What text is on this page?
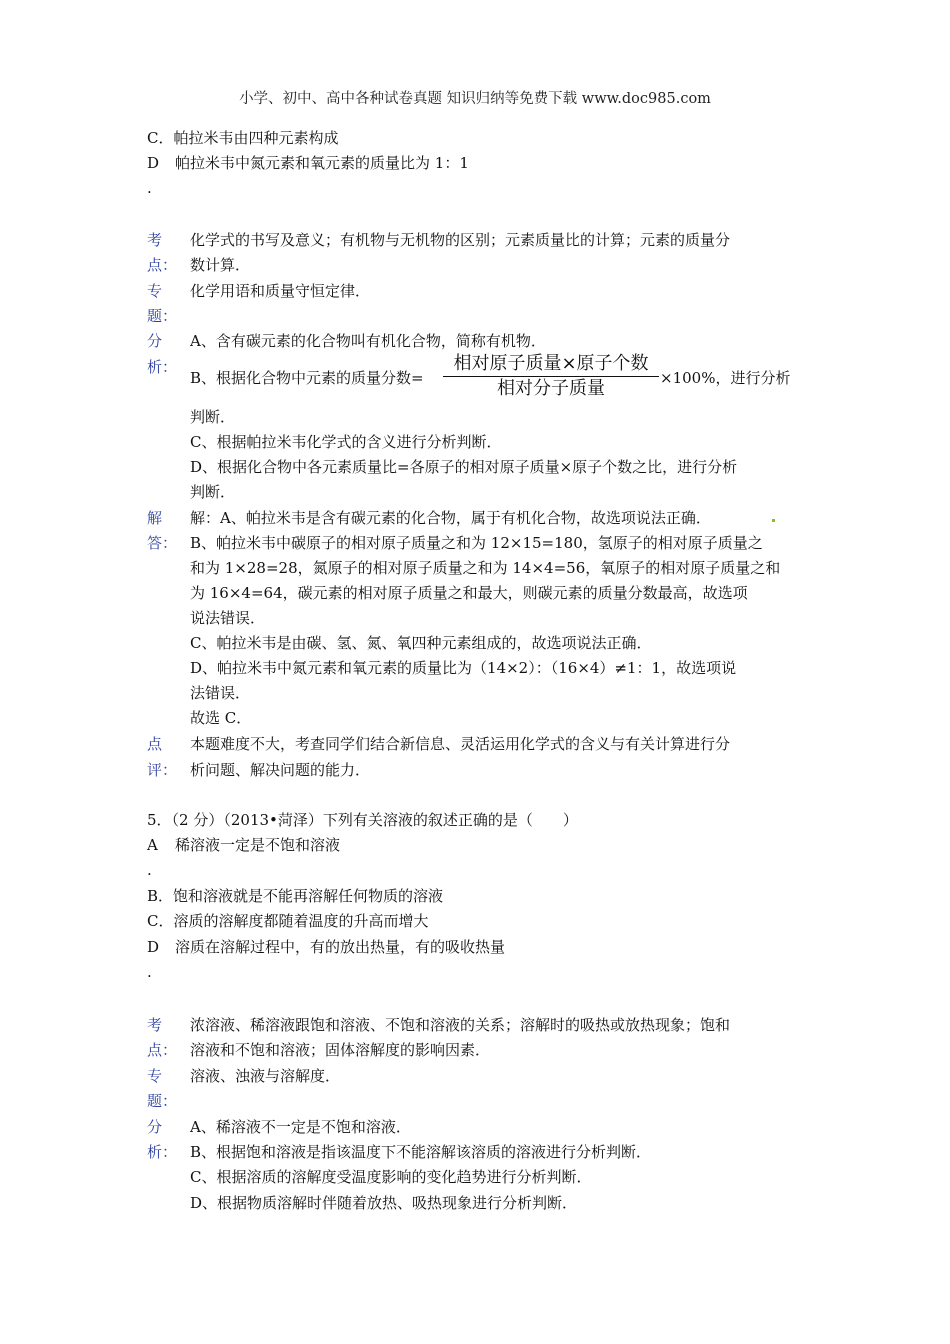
小学、初中、高中各种试卷真题 知识归纳等免费下载 www.doc985.com
C．帕拉米韦由四种元素构成
D 帕拉米韦中氮元素和氧元素的质量比为 1：1
.
考
点：
化学式的书写及意义；有机物与无机物的区别；元素质量比的计算；元素的质量分
数计算．
专
题：
化学用语和质量守恒定律．
分
析：
A、含有碳元素的化合物叫有机化合物，简称有机物．
B、根据化合物中元素的质量分数=
相对原子质量×原子个数
相对分子质量	×100%，进行分析
判断．
C、根据帕拉米韦化学式的含义进行分析判断．
D、根据化合物中各元素质量比=各原子的相对原子质量×原子个数之比，进行分析
判断．
解
答：
解：A、帕拉米韦是含有碳元素的化合物，属于有机化合物，故选项说法正确．
B、帕拉米韦中碳原子的相对原子质量之和为 12×15=180，氢原子的相对原子质量之
和为 1×28=28，氮原子的相对原子质量之和为 14×4=56，氧原子的相对原子质量之和
为 16×4=64，碳元素的相对原子质量之和最大，则碳元素的质量分数最高，故选项
说法错误．
C、帕拉米韦是由碳、氢、氮、氧四种元素组成的，故选项说法正确．
D、帕拉米韦中氮元素和氧元素的质量比为（14×2）：（16×4）≠1：1，故选项说
法错误．
故选 C．
点
评：
本题难度不大，考查同学们结合新信息、灵活运用化学式的含义与有关计算进行分
析问题、解决问题的能力．
5．（2 分）（2013•菏泽）下列有关溶液的叙述正确的是（　　）
A 稀溶液一定是不饱和溶液
.
B．饱和溶液就是不能再溶解任何物质的溶液
C．溶质的溶解度都随着温度的升高而增大
D 溶质在溶解过程中，有的放出热量，有的吸收热量
.
考
点：
浓溶液、稀溶液跟饱和溶液、不饱和溶液的关系；溶解时的吸热或放热现象；饱和
溶液和不饱和溶液；固体溶解度的影响因素．
专
题：
溶液、浊液与溶解度．
分
析：
A、稀溶液不一定是不饱和溶液．
B、根据饱和溶液是指该温度下不能溶解该溶质的溶液进行分析判断．
C、根据溶质的溶解度受温度影响的变化趋势进行分析判断．
D、根据物质溶解时伴随着放热、吸热现象进行分析判断．
